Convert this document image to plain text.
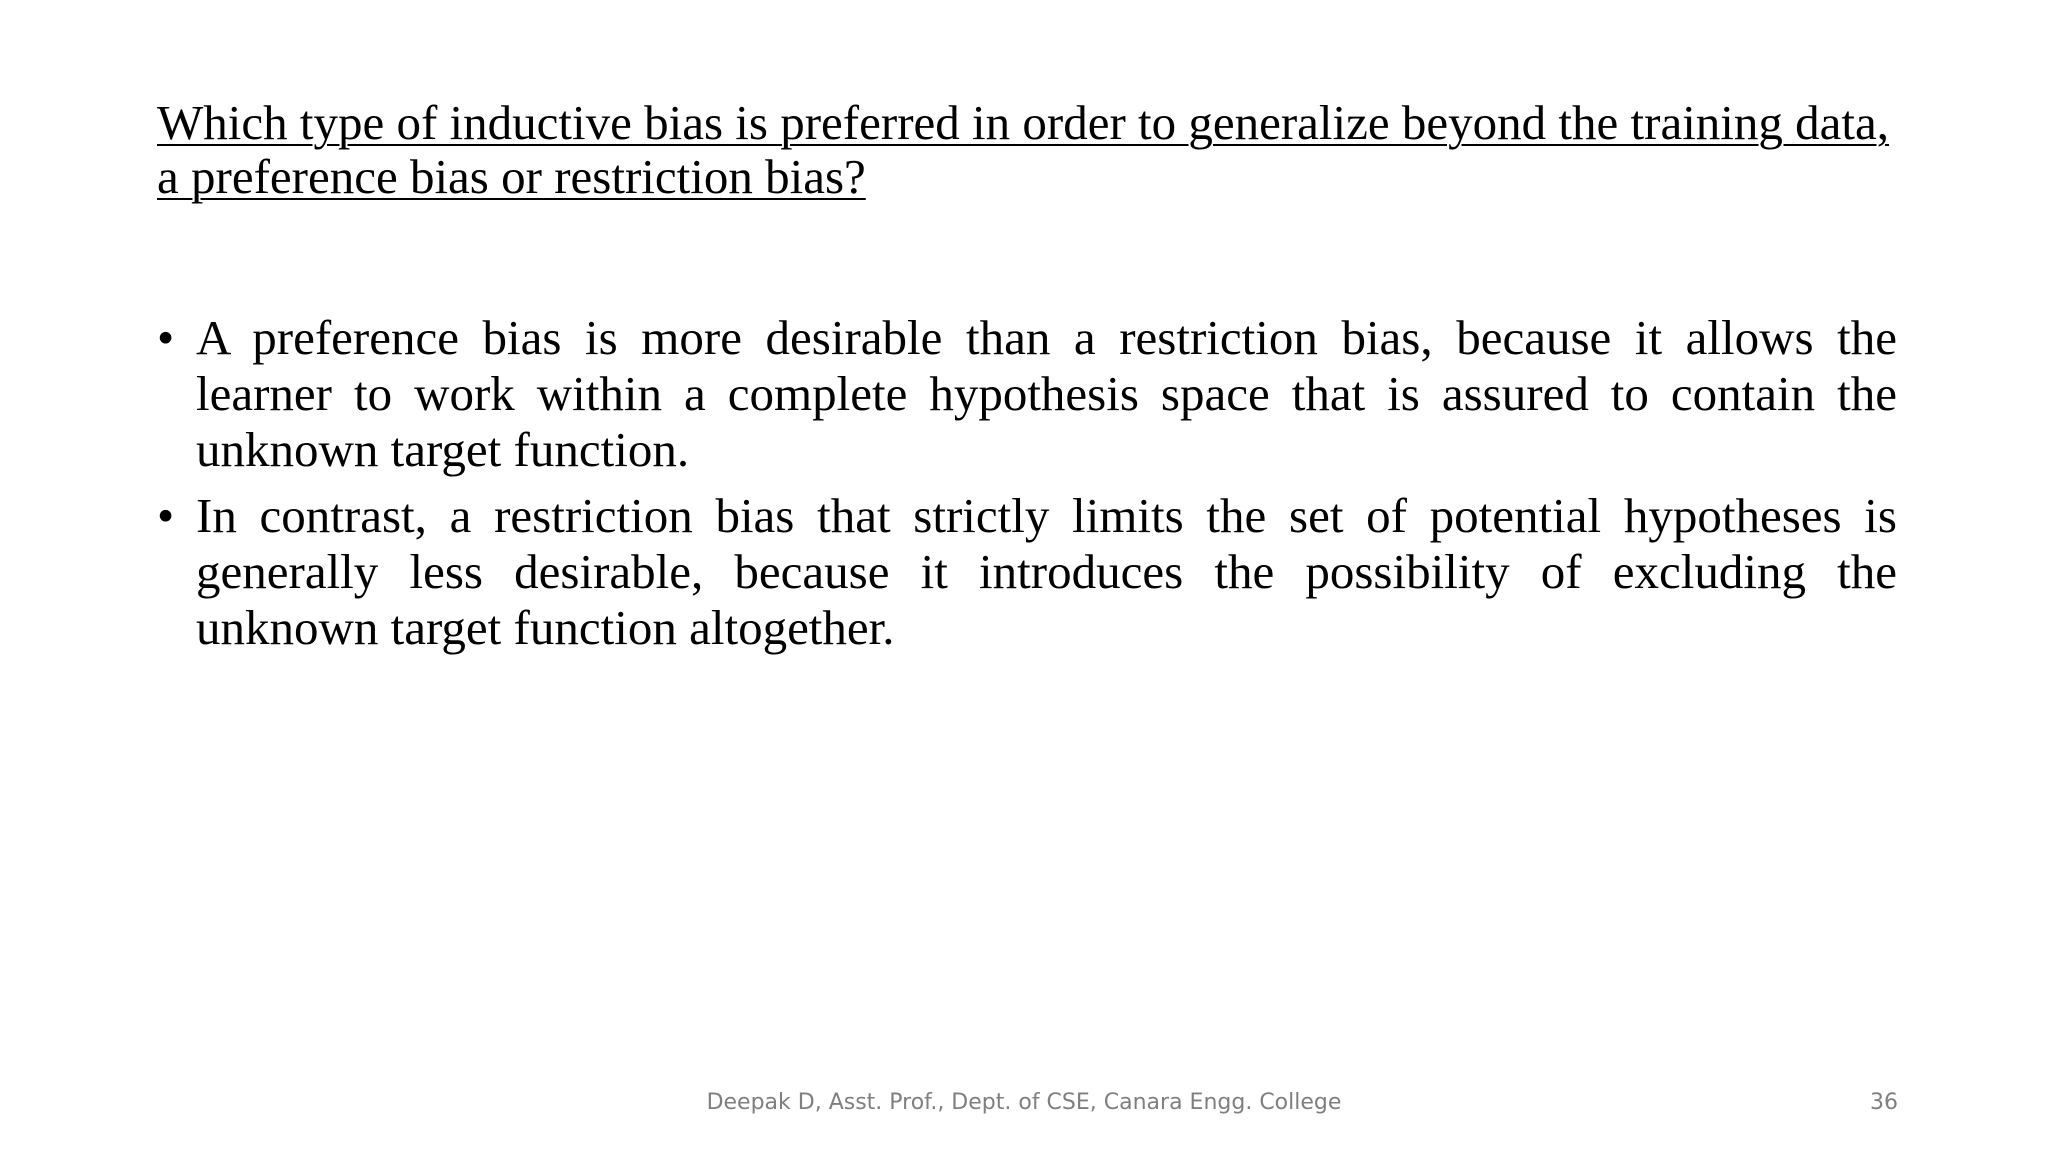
Which type of inductive bias is preferred in order to generalize beyond the training data, a preference bias or restriction bias?
• A preference bias is more desirable than a restriction bias, because it allows the learner to work within a complete hypothesis space that is assured to contain the unknown target function.
• In contrast, a restriction bias that strictly limits the set of potential hypotheses is generally less desirable, because it introduces the possibility of excluding the unknown target function altogether.
Deepak D, Asst. Prof., Dept. of CSE, Canara Engg. College	36
